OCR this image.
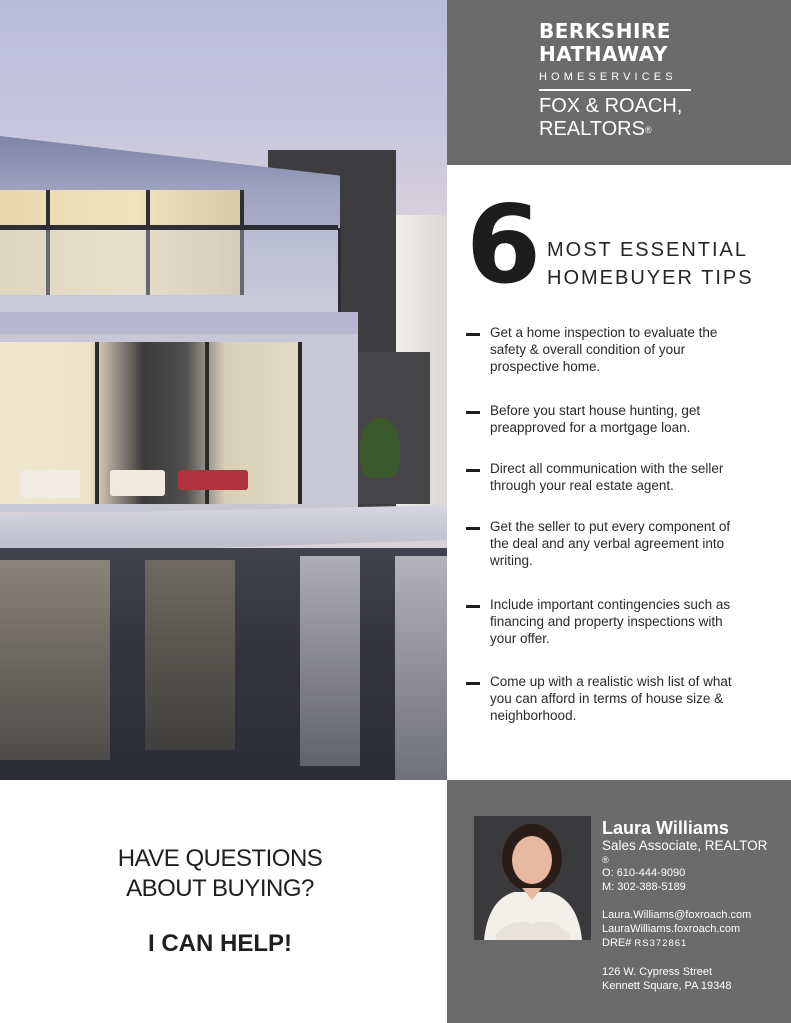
BERKSHIRE
HATHAWAY
HOMESERVICES
FOX & ROACH,
REALTORS®
6 MOST ESSENTIAL
HOMEBUYER TIPS
Get a home inspection to evaluate the safety & overall condition of your prospective home.
Before you start house hunting, get preapproved for a mortgage loan.
Direct all communication with the seller through your real estate agent.
Get the seller to put every component of the deal and any verbal agreement into writing.
Include important contingencies such as financing and property inspections with your offer.
Come up with a realistic wish list of what you can afford in terms of house size & neighborhood.
HAVE QUESTIONS
ABOUT BUYING?
I CAN HELP!
Laura Williams
Sales Associate, REALTOR
®
O: 610-444-9090
M: 302-388-5189
Laura.Williams@foxroach.com
LauraWilliams.foxroach.com
DRE# RS372861
126 W. Cypress Street
Kennett Square, PA 19348
